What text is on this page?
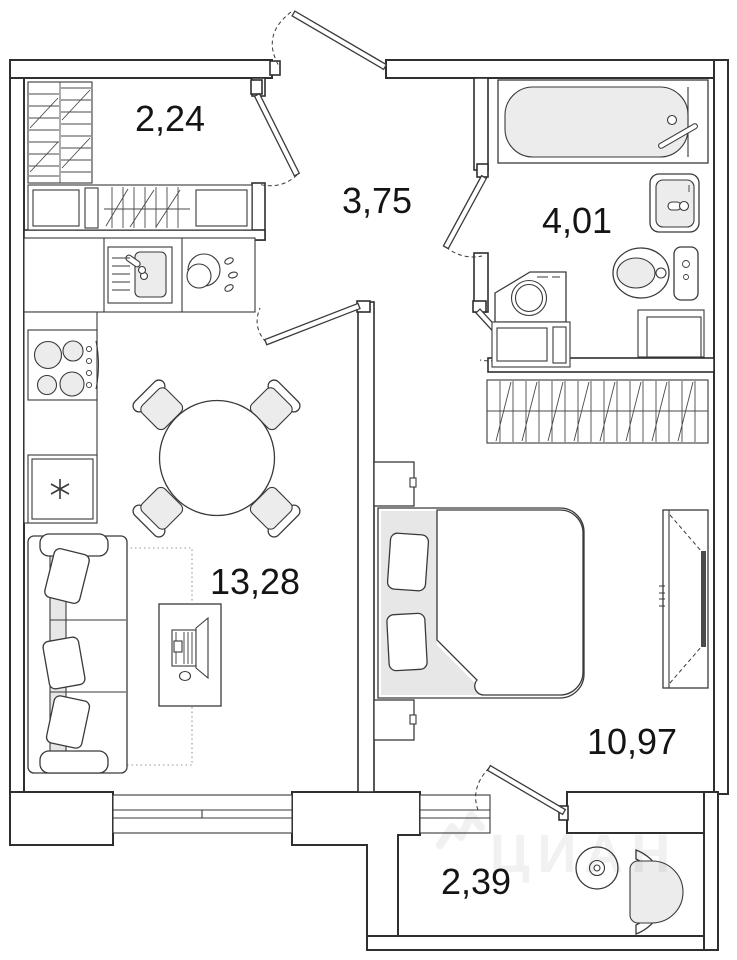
2,24
3,75	4,01
13,28
10,97
2,39
ЦИАН
